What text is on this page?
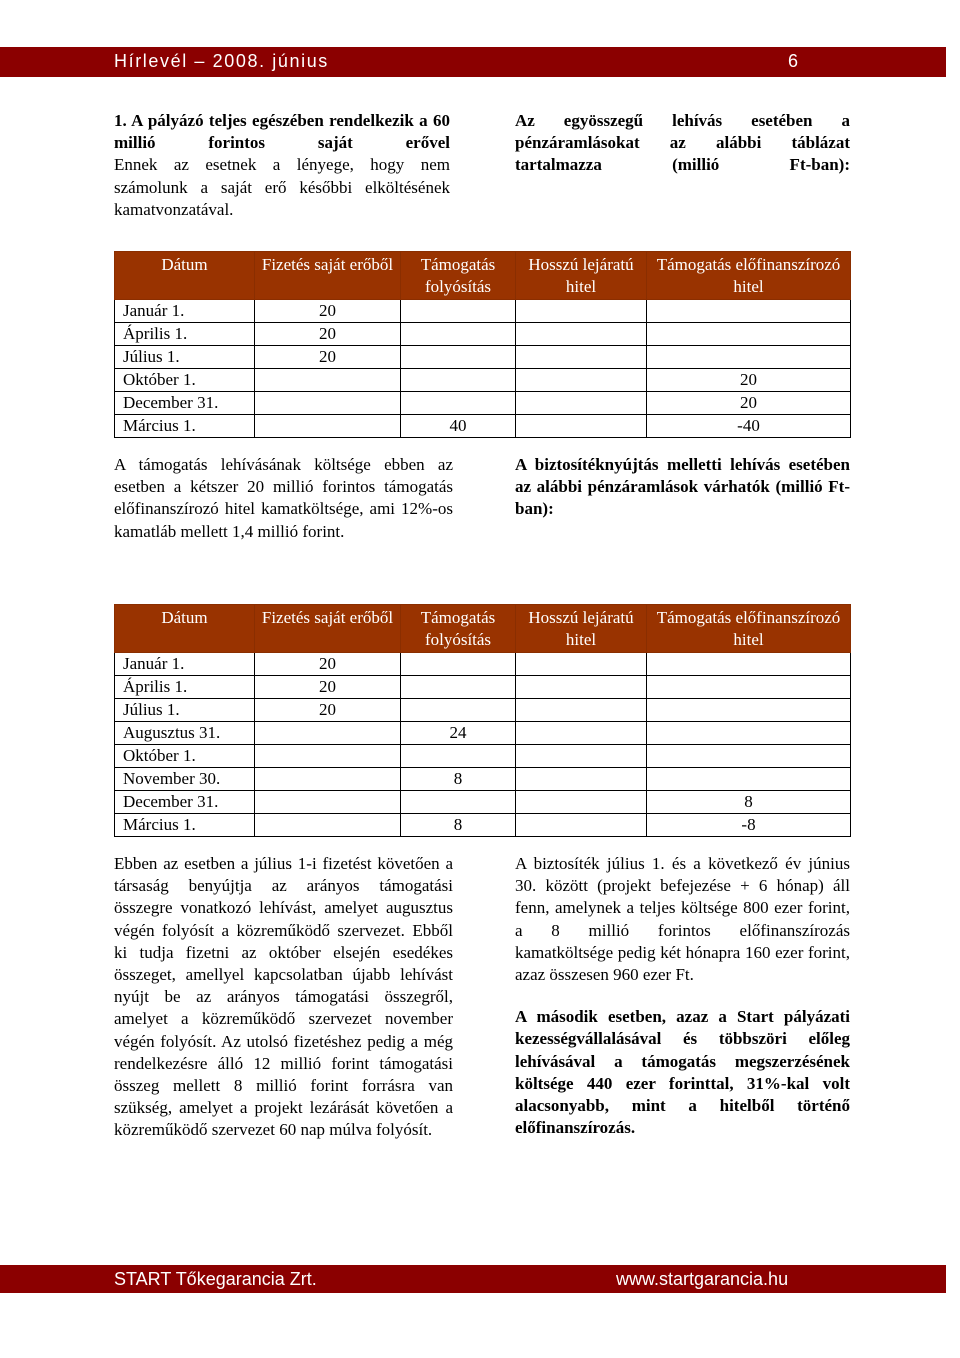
Hírlevél – 2008. június	6

1. A pályázó teljes egészében rendelkezik a 60 millió forintos saját erővel

Ennek az esetnek a lényege, hogy nem számolunk a saját erő későbbi elköltésének kamatvonzatával.

Az egyösszegű lehívás esetében a pénzáramlásokat az alábbi táblázat tartalmazza (millió Ft-ban):

Dátum	Fizetés saját erőből	Támogatás folyósítás	Hosszú lejáratú hitel	Támogatás előfinanszírozó hitel
Január 1.	20			
Április 1.	20			
Július 1.	20			
Október 1.				20
December 31.				20
Március 1.		40		-40

A támogatás lehívásának költsége ebben az esetben a kétszer 20 millió forintos támogatás előfinanszírozó hitel kamatköltsége, ami 12%-os kamatláb mellett 1,4 millió forint.

A biztosítéknyújtás melletti lehívás esetében az alábbi pénzáramlások várhatók (millió Ft-ban):

Dátum	Fizetés saját erőből	Támogatás folyósítás	Hosszú lejáratú hitel	Támogatás előfinanszírozó hitel
Január 1.	20			
Április 1.	20			
Július 1.	20			
Augusztus 31.		24		
Október 1.				
November 30.		8		
December 31.				8
Március 1.		8		-8

Ebben az esetben a július 1-i fizetést követően a társaság benyújtja az arányos támogatási összegre vonatkozó lehívást, amelyet augusztus végén folyósít a közreműködő szervezet. Ebből ki tudja fizetni az október elsején esedékes összeget, amellyel kapcsolatban újabb lehívást nyújt be az arányos támogatási összegről, amelyet a közreműködő szervezet november végén folyósít. Az utolsó fizetéshez pedig a még rendelkezésre álló 12 millió forint támogatási összeg mellett 8 millió forint forrásra van szükség, amelyet a projekt lezárását követően a közreműködő szervezet 60 nap múlva folyósít.

A biztosíték július 1. és a következő év június 30. között (projekt befejezése + 6 hónap) áll fenn, amelynek a teljes költsége 800 ezer forint, a 8 millió forintos előfinanszírozás kamatköltsége pedig két hónapra 160 ezer forint, azaz összesen 960 ezer Ft.

A második esetben, azaz a Start pályázati kezességvállalásával és többszöri előleg lehívásával a támogatás megszerzésének költsége 440 ezer forinttal, 31%-kal volt alacsonyabb, mint a hitelből történő előfinanszírozás.

START Tőkegarancia Zrt.	www.startgarancia.hu
